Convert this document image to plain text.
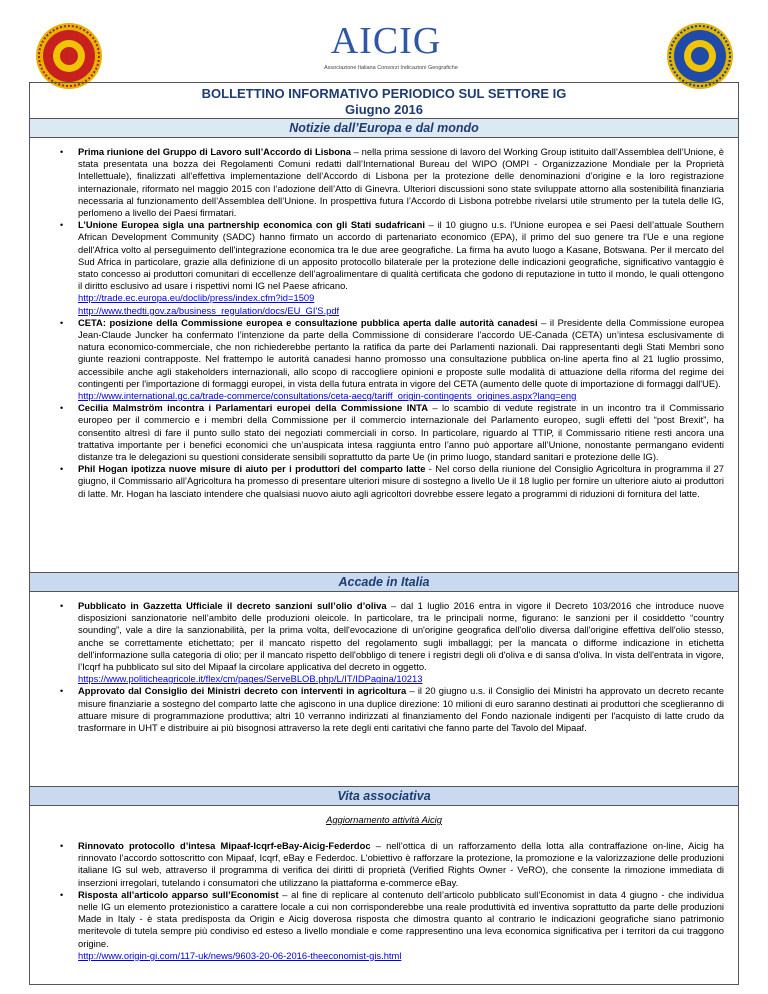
AICIG
Associazione Italiana Consorzi Indicazioni Geografiche
BOLLETTINO INFORMATIVO PERIODICO SUL SETTORE IG
Giugno 2016
Notizie dall’Europa e dal mondo
• Prima riunione del Gruppo di Lavoro sull’Accordo di Lisbona – nella prima sessione di lavoro del Working Group istituito dall’Assemblea dell’Unione, è stata presentata una bozza dei Regolamenti Comuni redatti dall’International Bureau del WIPO (OMPI - Organizzazione Mondiale per la Proprietà Intellettuale), finalizzati all’effettiva implementazione dell’Accordo di Lisbona per la protezione delle denominazioni d’origine e la loro registrazione internazionale, riformato nel maggio 2015 con l’adozione dell’Atto di Ginevra. Ulteriori discussioni sono state sviluppate attorno alla sostenibilità finanziaria necessaria al funzionamento dell’Assemblea dell’Unione. In prospettiva futura l’Accordo di Lisbona potrebbe rivelarsi utile strumento per la tutela delle IG, perlomeno a livello dei Paesi firmatari.
• L’Unione Europea sigla una partnership economica con gli Stati sudafricani – il 10 giugno u.s. l'Unione europea e sei Paesi dell’attuale Southern African Development Community (SADC) hanno firmato un accordo di partenariato economico (EPA), il primo del suo genere tra l'Ue e una regione dell'Africa volto al perseguimento dell'integrazione economica tra le due aree geografiche. La firma ha avuto luogo a Kasane, Botswana. Per il mercato del Sud Africa in particolare, grazie alla definizione di un apposito protocollo bilaterale per la protezione delle indicazioni geografiche, significativo vantaggio è stato concesso ai produttori comunitari di eccellenze dell’agroalimentare di qualità certificata che godono di reputazione in tutto il mondo, le quali ottengono il diritto esclusivo ad usare i rispettivi nomi IG nel Paese africano.
http://trade.ec.europa.eu/doclib/press/index.cfm?id=1509
http://www.thedti.gov.za/business_regulation/docs/EU_GI'S.pdf
• CETA: posizione della Commissione europea e consultazione pubblica aperta dalle autorità canadesi – il Presidente della Commissione europea Jean-Claude Juncker ha confermato l’intenzione da parte della Commissione di considerare l'accordo UE-Canada (CETA) un’intesa esclusivamente di natura economico-commerciale, che non richiederebbe pertanto la ratifica da parte dei Parlamenti nazionali. Dai rappresentanti degli Stati Membri sono giunte reazioni contrapposte. Nel frattempo le autorità canadesi hanno promosso una consultazione pubblica on-line aperta fino al 21 luglio prossimo, accessibile anche agli stakeholders internazionali, allo scopo di raccogliere opinioni e proposte sulle modalità di attuazione della riforma del regime dei contingenti per l'importazione di formaggi europei, in vista della futura entrata in vigore del CETA (aumento delle quote di importazione di formaggi dall'UE).
http://www.international.gc.ca/trade-commerce/consultations/ceta-aecg/tariff_origin-contingents_origines.aspx?lang=eng
• Cecilia Malmström incontra i Parlamentari europei della Commissione INTA – lo scambio di vedute registrate in un incontro tra il Commissario europeo per il commercio e i membri della Commissione per il commercio internazionale del Parlamento europeo, sugli effetti del “post Brexit”, ha consentito altresì di fare il punto sullo stato dei negoziati commerciali in corso. In particolare, riguardo al TTIP, il Commissario ritiene resti ancora una trattativa importante per i benefici economici che un’auspicata intesa raggiunta entro l’anno può apportare all’Unione, nonostante permangano evidenti distanze tra le delegazioni su questioni considerate sensibili soprattutto da parte Ue (in primo luogo, standard sanitari e protezione delle IG).
• Phil Hogan ipotizza nuove misure di aiuto per i produttori del comparto latte - Nel corso della riunione del Consiglio Agricoltura in programma il 27 giugno, il Commissario all’Agricoltura ha promesso di presentare ulteriori misure di sostegno a livello Ue il 18 luglio per fornire un ulteriore aiuto ai produttori di latte. Mr. Hogan ha lasciato intendere che qualsiasi nuovo aiuto agli agricoltori dovrebbe essere legato a programmi di riduzioni di fornitura del latte.
Accade in Italia
• Pubblicato in Gazzetta Ufficiale il decreto sanzioni sull’olio d’oliva – dal 1 luglio 2016 entra in vigore il Decreto 103/2016 che introduce nuove disposizioni sanzionatorie nell’ambito delle produzioni oleicole. In particolare, tra le principali norme, figurano: le sanzioni per il cosiddetto “country sounding”, vale a dire la sanzionabilità, per la prima volta, dell'evocazione di un'origine geografica dell'olio diversa dall'origine effettiva dell'olio stesso, anche se correttamente etichettato; per il mancato rispetto del regolamento sugli imballaggi; per la mancata o difforme indicazione in etichetta dell'informazione sulla categoria di olio; per il mancato rispetto dell'obbligo di tenere i registri degli oli d'oliva e di sansa d'oliva. In vista dell'entrata in vigore, l’Icqrf ha pubblicato sul sito del Mipaaf la circolare applicativa del decreto in oggetto.
https://www.politicheagricole.it/flex/cm/pages/ServeBLOB.php/L/IT/IDPagina/10213
• Approvato dal Consiglio dei Ministri decreto con interventi in agricoltura – il 20 giugno u.s. il Consiglio dei Ministri ha approvato un decreto recante misure finanziarie a sostegno del comparto latte che agiscono in una duplice direzione: 10 milioni di euro saranno destinati ai produttori che sceglieranno di attuare misure di programmazione produttiva; altri 10 verranno indirizzati al finanziamento del Fondo nazionale indigenti per l'acquisto di latte crudo da trasformare in UHT e distribuire ai più bisognosi attraverso la rete degli enti caritativi che fanno parte del Tavolo del Mipaaf.
Vita associativa
Aggiornamento attività Aicig
• Rinnovato protocollo d’intesa Mipaaf-Icqrf-eBay-Aicig-Federdoc – nell’ottica di un rafforzamento della lotta alla contraffazione on-line, Aicig ha rinnovato l’accordo sottoscritto con Mipaaf, Icqrf, eBay e Federdoc. L'obiettivo è rafforzare la protezione, la promozione e la valorizzazione delle produzioni italiane IG sul web, attraverso il programma di verifica dei diritti di proprietà (Verified Rights Owner - VeRO), che consente la rimozione immediata di inserzioni irregolari, tutelando i consumatori che utilizzano la piattaforma e-commerce eBay.
• Risposta all’articolo apparso sull’Economist – al fine di replicare al contenuto dell’articolo pubblicato sull’Economist in data 4 giugno - che individua nelle IG un elemento protezionistico a carattere locale a cui non corrisponderebbe una reale produttività ed inventiva soprattutto da parte delle produzioni Made in Italy - è stata predisposta da Origin e Aicig doverosa risposta che dimostra quanto al contrario le indicazioni geografiche siano patrimonio meritevole di tutela sempre più condiviso ed esteso a livello mondiale e come rappresentino una leva economica significativa per i territori da cui traggono origine.
http://www.origin-gi.com/117-uk/news/9603-20-06-2016-theeconomist-gis.html
